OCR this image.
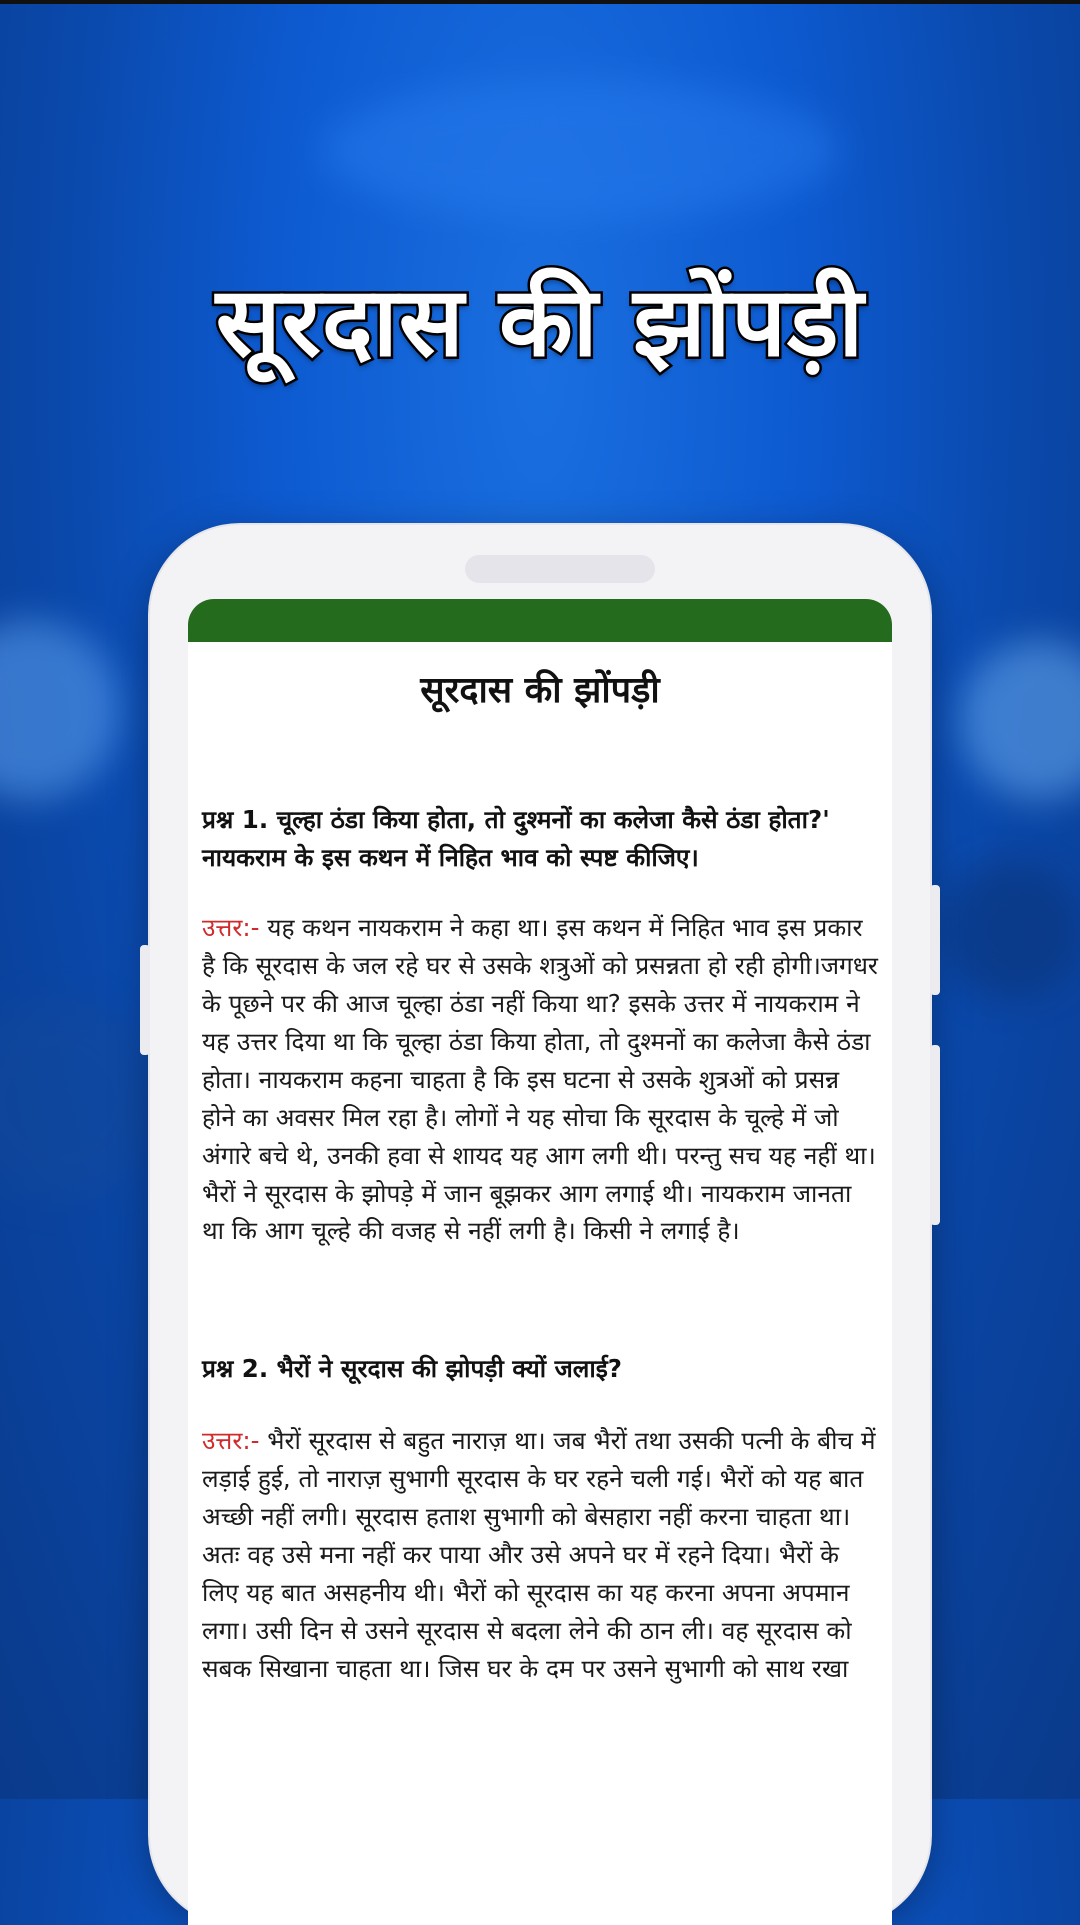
सूरदास की झोंपड़ी
सूरदास की झोंपड़ी

प्रश्न 1. चूल्हा ठंडा किया होता, तो दुश्मनों का कलेजा कैसे ठंडा होता?' नायकराम के इस कथन में निहित भाव को स्पष्ट कीजिए।

उत्तर:- यह कथन नायकराम ने कहा था। इस कथन में निहित भाव इस प्रकार है कि सूरदास के जल रहे घर से उसके शत्रुओं को प्रसन्नता हो रही होगी।जगधर के पूछने पर की आज चूल्हा ठंडा नहीं किया था? इसके उत्तर में नायकराम ने यह उत्तर दिया था कि चूल्हा ठंडा किया होता, तो दुश्मनों का कलेजा कैसे ठंडा होता। नायकराम कहना चाहता है कि इस घटना से उसके शुत्रओं को प्रसन्न होने का अवसर मिल रहा है। लोगों ने यह सोचा कि सूरदास के चूल्हे में जो अंगारे बचे थे, उनकी हवा से शायद यह आग लगी थी। परन्तु सच यह नहीं था। भैरों ने सूरदास के झोपड़े में जान बूझकर आग लगाई थी। नायकराम जानता था कि आग चूल्हे की वजह से नहीं लगी है। किसी ने लगाई है।

प्रश्न 2. भैरों ने सूरदास की झोपड़ी क्यों जलाई?

उत्तर:- भैरों सूरदास से बहुत नाराज़ था। जब भैरों तथा उसकी पत्नी के बीच में लड़ाई हुई, तो नाराज़ सुभागी सूरदास के घर रहने चली गई। भैरों को यह बात अच्छी नहीं लगी। सूरदास हताश सुभागी को बेसहारा नहीं करना चाहता था। अतः वह उसे मना नहीं कर पाया और उसे अपने घर में रहने दिया। भैरों के लिए यह बात असहनीय थी। भैरों को सूरदास का यह करना अपना अपमान लगा। उसी दिन से उसने सूरदास से बदला लेने की ठान ली। वह सूरदास को सबक सिखाना चाहता था। जिस घर के दम पर उसने सुभागी को साथ रखा
